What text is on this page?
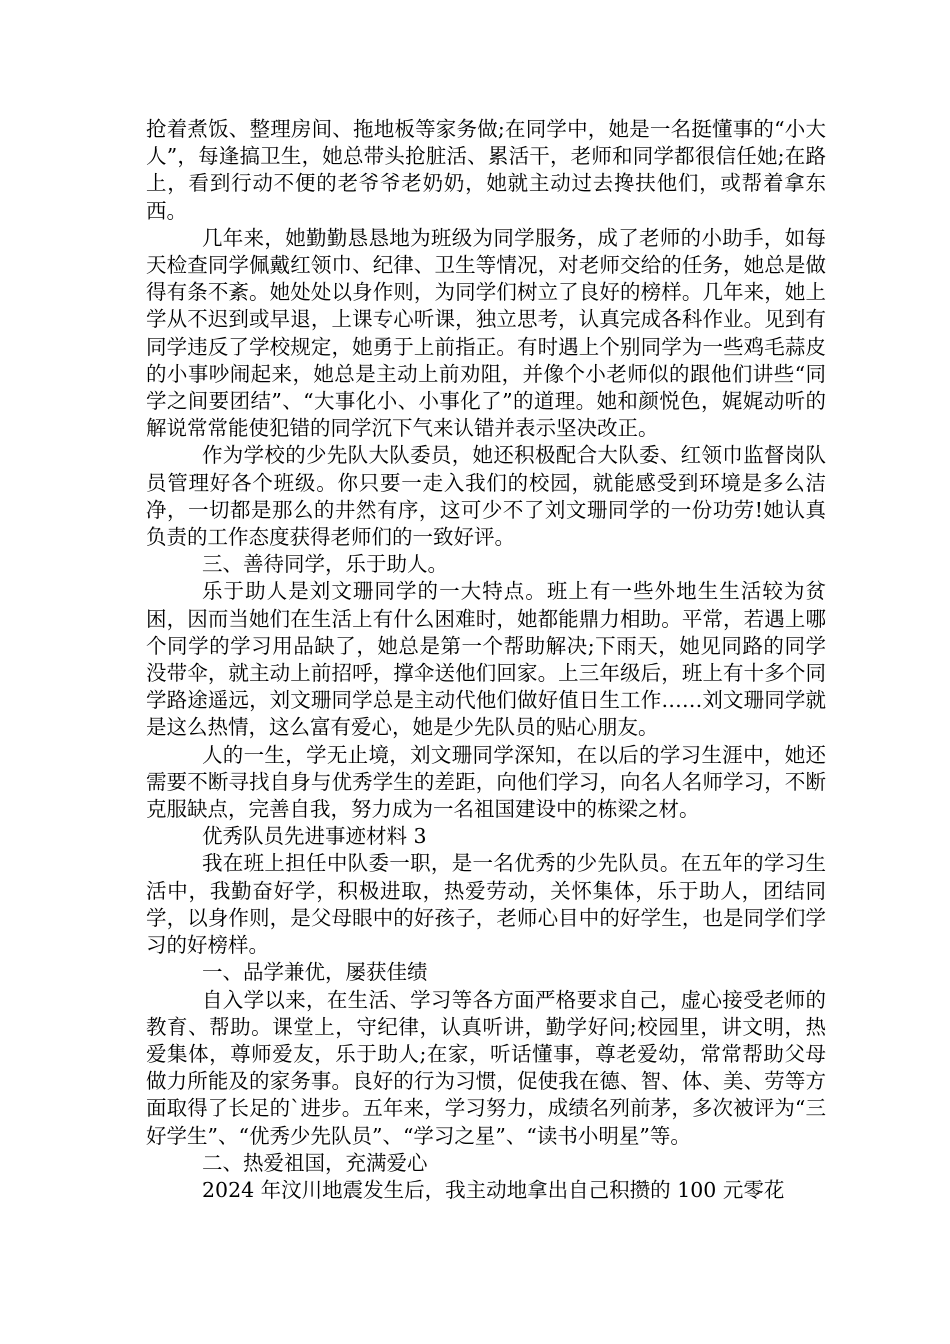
抢着煮饭、整理房间、拖地板等家务做;在同学中，她是一名挺懂事的“小大人”，每逢搞卫生，她总带头抢脏活、累活干，老师和同学都很信任她;在路上，看到行动不便的老爷爷老奶奶，她就主动过去搀扶他们，或帮着拿东西。

几年来，她勤勤恳恳地为班级为同学服务，成了老师的小助手，如每天检查同学佩戴红领巾、纪律、卫生等情况，对老师交给的任务，她总是做得有条不紊。她处处以身作则，为同学们树立了良好的榜样。几年来，她上学从不迟到或早退，上课专心听课，独立思考，认真完成各科作业。见到有同学违反了学校规定，她勇于上前指正。有时遇上个别同学为一些鸡毛蒜皮的小事吵闹起来，她总是主动上前劝阻，并像个小老师似的跟他们讲些“同学之间要团结”、“大事化小、小事化了”的道理。她和颜悦色，娓娓动听的解说常常能使犯错的同学沉下气来认错并表示坚决改正。

作为学校的少先队大队委员，她还积极配合大队委、红领巾监督岗队员管理好各个班级。你只要一走入我们的校园，就能感受到环境是多么洁净，一切都是那么的井然有序，这可少不了刘文珊同学的一份功劳!她认真负责的工作态度获得老师们的一致好评。

三、善待同学，乐于助人。

乐于助人是刘文珊同学的一大特点。班上有一些外地生生活较为贫困，因而当她们在生活上有什么困难时，她都能鼎力相助。平常，若遇上哪个同学的学习用品缺了，她总是第一个帮助解决;下雨天，她见同路的同学没带伞，就主动上前招呼，撑伞送他们回家。上三年级后，班上有十多个同学路途遥远，刘文珊同学总是主动代他们做好值日生工作……刘文珊同学就是这么热情，这么富有爱心，她是少先队员的贴心朋友。

人的一生，学无止境，刘文珊同学深知，在以后的学习生涯中，她还需要不断寻找自身与优秀学生的差距，向他们学习，向名人名师学习，不断克服缺点，完善自我，努力成为一名祖国建设中的栋梁之材。

优秀队员先进事迹材料 3

我在班上担任中队委一职，是一名优秀的少先队员。在五年的学习生活中，我勤奋好学，积极进取，热爱劳动，关怀集体，乐于助人，团结同学，以身作则，是父母眼中的好孩子，老师心目中的好学生，也是同学们学习的好榜样。

一、品学兼优，屡获佳绩

自入学以来，在生活、学习等各方面严格要求自己，虚心接受老师的教育、帮助。课堂上，守纪律，认真听讲，勤学好问;校园里，讲文明，热爱集体，尊师爱友，乐于助人;在家，听话懂事，尊老爱幼，常常帮助父母做力所能及的家务事。良好的行为习惯，促使我在德、智、体、美、劳等方面取得了长足的`进步。五年来，学习努力，成绩名列前茅，多次被评为“三好学生”、“优秀少先队员”、“学习之星”、“读书小明星”等。

二、热爱祖国，充满爱心

2024 年汶川地震发生后，我主动地拿出自己积攒的 100 元零花
